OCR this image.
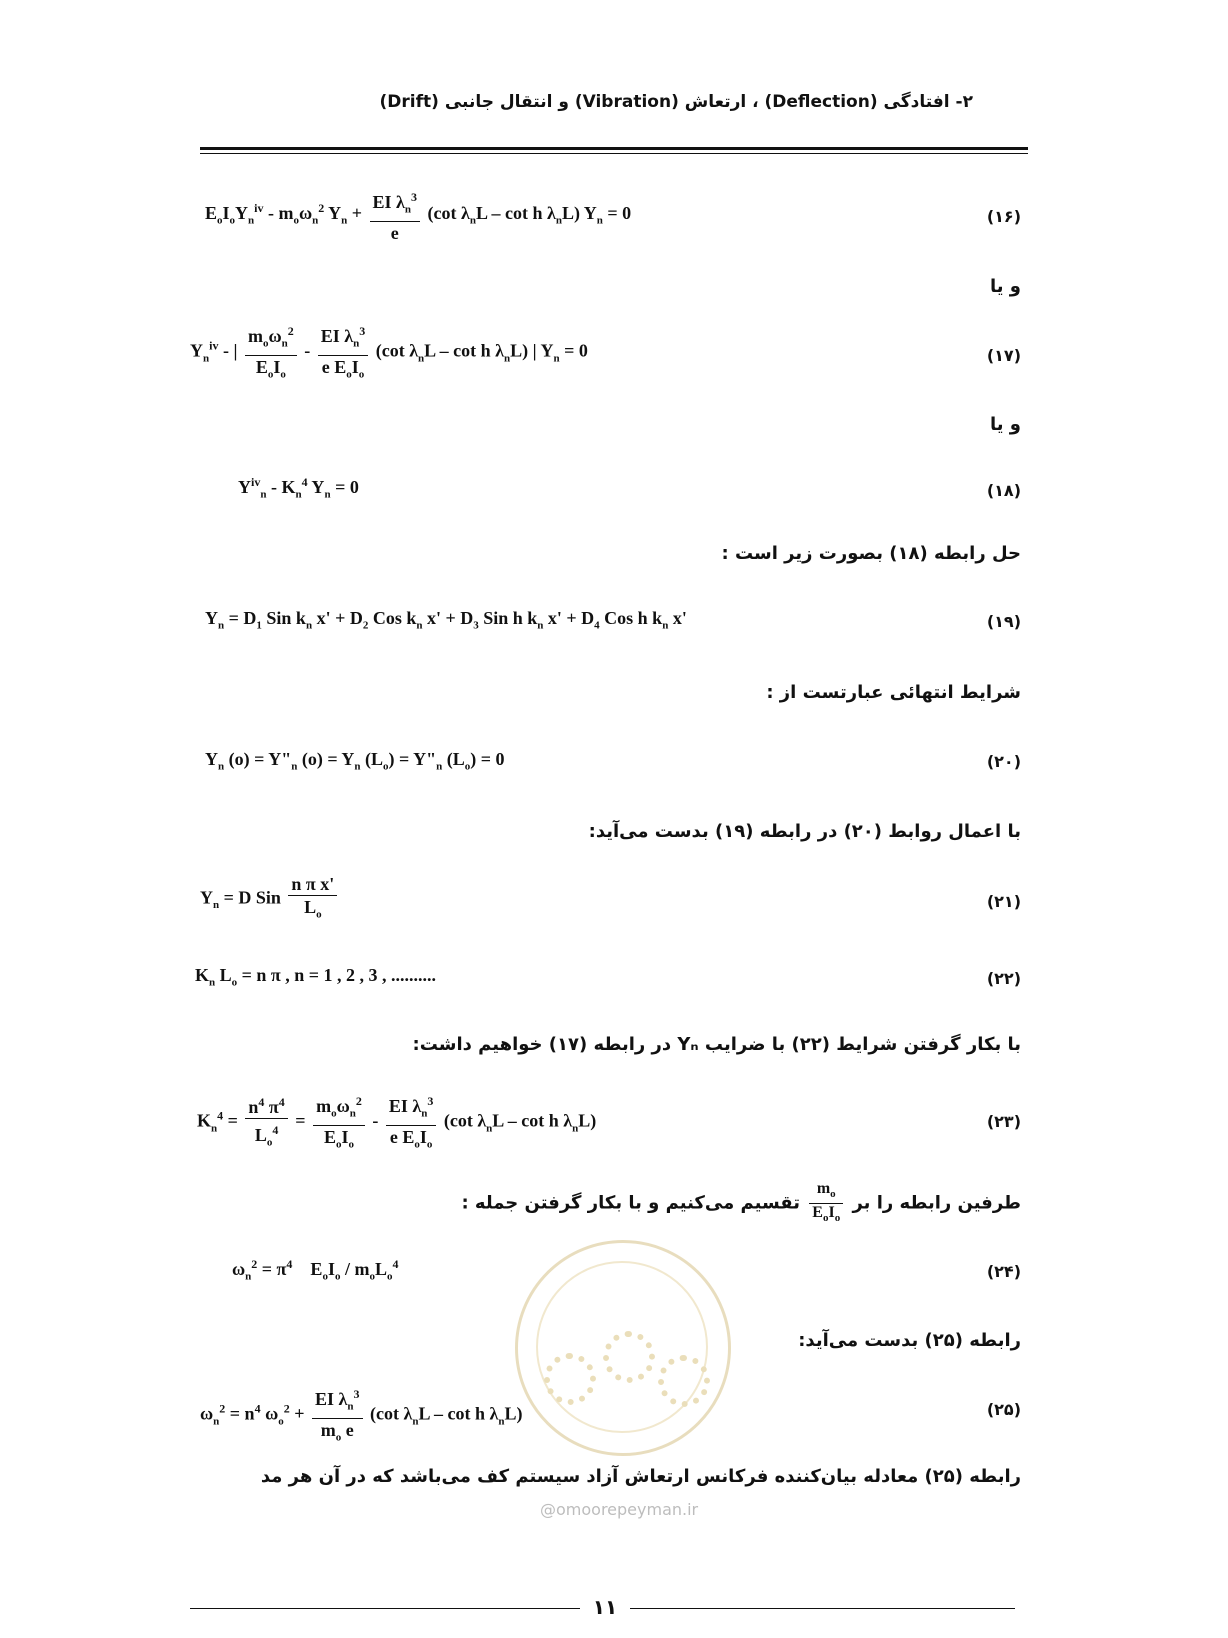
۲- افتادگی (Deflection) ، ارتعاش (Vibration) و انتقال جانبی (Drift)
$E_oI_oY_n^{iv} - m_o\omega_n^2$ $Y_n + \frac{EI \lambda_n^3}{e} (\cot$ $\lambda_nL$ – cot h $\lambda_nL$) $Y_n = 0$	(۱۶)
و یا
$Y_n^{iv}$ - | $\frac{m_o\omega_n^2}{E_oI_o} - \frac{EI \lambda_n^3}{e E_oI_o} (\cot$ $\lambda_nL$ – cot h $\lambda_nL$) | $Y_n = 0$	(۱۷)
و یا
$Y^{iv}_n - K_n^4$ $Y_n = 0$	(۱۸)
حل رابطه (۱۸) بصورت زیر است :
$Y_n = D_1$ Sin $k_n$ $x' + D_2$ Cos $k_n$ $x' + D_3$ Sin h $k_n$ $x' + D_4$ Cos h $k_n$ x'	(۱۹)
شرایط انتهائی عبارتست از :
$Y_n$ $(o) = Y"_n$ $(o) = Y_n$ $(L_o)$ = $Y"_n$ $(L_o) = 0$	(۲۰)
با اعمال روابط (۲۰) در رابطه (۱۹) بدست می‌آید:
$Y_n = D$ Sin $\frac{\text{n π x'}}{L_o}$	(۲۱)
$K_n$ $L_o = n$ π , n = 1 , 2 , 3 , ..........	(۲۲)
با بکار گرفتن شرایط (۲۲) با ضرایب Yₙ در رابطه (۱۷) خواهیم داشت:
$K_n^4 = \frac{n^4 \pi^4}{L_o^4} = \frac{m_o\omega_n^2}{E_oI_o} - \frac{EI \lambda_n^3}{e E_oI_o} (\cot$ $\lambda_nL$ – cot h $\lambda_nL$)	(۲۳)
طرفین رابطه را بر
$\frac{m_o}{E_oI_o}$
تقسیم می‌کنیم و با بکار گرفتن جمله :
$\omega_n^2 = \pi^4$    $E_oI_o / m_oL_o^4$	(۲۴)
رابطه (۲۵) بدست می‌آید:
$\omega_n^2 = n^4$ $\omega_o^2 + \frac{EI \lambda_n^3}{m_o e} (\cot$ $\lambda_nL$ – cot h $\lambda_nL$)	(۲۵)
@omoorepeyman.ir
رابطه (۲۵) معادله بیان‌کننده فرکانس ارتعاش آزاد سیستم کف می‌باشد که در آن هر مد
۱۱
